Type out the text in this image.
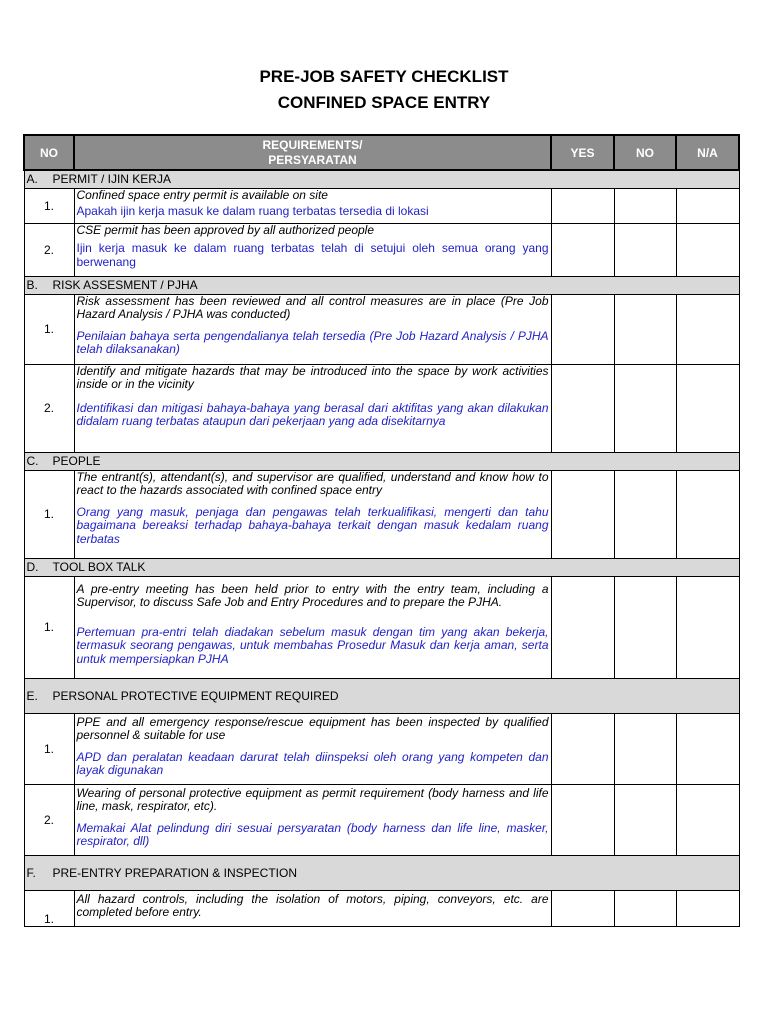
PRE-JOB SAFETY CHECKLIST
CONFINED SPACE ENTRY
NO	REQUIREMENTS/
PERSYARATAN	YES	NO	N/A
A. PERMIT / IJIN KERJA				
1.	Confined space entry permit is available on site
Apakah ijin kerja masuk ke dalam ruang terbatas tersedia di lokasi			

2.	CSE permit has been approved by all authorized people
Ijin kerja masuk ke dalam ruang terbatas telah di setujui oleh semua orang yang berwenang			

B. RISK ASSESMENT / PJHA				
1.	Risk assessment has been reviewed and all control measures are in place (Pre Job Hazard Analysis / PJHA was conducted)
Penilaian bahaya serta pengendalianya telah tersedia (Pre Job Hazard Analysis / PJHA telah dilaksanakan)			

2.	Identify and mitigate hazards that may be introduced into the space by work activities inside or in the vicinity
Identifikasi dan mitigasi bahaya-bahaya yang berasal dari aktifitas yang akan dilakukan didalam ruang terbatas ataupun dari pekerjaan yang ada disekitarnya			

C. PEOPLE				
1.	The entrant(s), attendant(s), and supervisor are qualified, understand and know how to react to the hazards associated with confined space entry
Orang yang masuk, penjaga dan pengawas telah terkualifikasi, mengerti dan tahu bagaimana bereaksi terhadap bahaya-bahaya terkait dengan masuk kedalam ruang terbatas			

D. TOOL BOX TALK				
1.	A pre-entry meeting has been held prior to entry with the entry team, including a Supervisor, to discuss Safe Job and Entry Procedures and to prepare the PJHA.
Pertemuan pra-entri telah diadakan sebelum masuk dengan tim yang akan bekerja, termasuk seorang pengawas, untuk membahas Prosedur Masuk dan kerja aman, serta untuk mempersiapkan PJHA			

E. PERSONAL PROTECTIVE EQUIPMENT REQUIRED				
1.	PPE and all emergency response/rescue equipment has been inspected by qualified personnel & suitable for use
APD dan peralatan keadaan darurat telah diinspeksi oleh orang yang kompeten dan layak digunakan			

2.	Wearing of personal protective equipment as permit requirement (body harness and life line, mask, respirator, etc).
Memakai Alat pelindung diri sesuai persyaratan (body harness dan life line, masker, respirator, dll)			

F. PRE-ENTRY PREPARATION & INSPECTION				
1.	All hazard controls, including the isolation of motors, piping, conveyors, etc. are completed before entry.			
